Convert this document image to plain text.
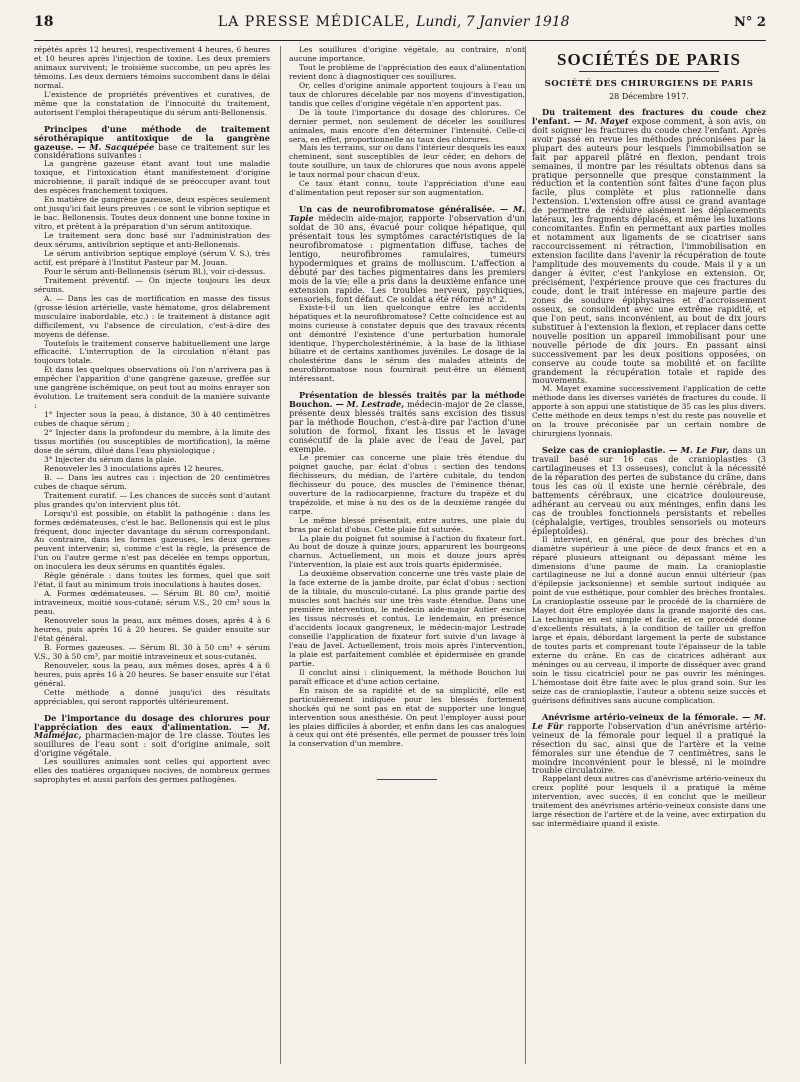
18	LA PRESSE MÉDICALE, Lundi, 7 Janvier 1918	N° 2

répétés après 12 heures), respectivement 4 heures, 6 heures et 10 heures après l'injection de toxine. Les deux premiers animaux survivent; le troisième succombe, un peu après les témoins. Les deux derniers témoins succombent dans le délai normal.

L'existence de propriétés préventives et curatives, de même que la constatation de l'innocuité du traitement, autorisent l'emploi thérapeutique du sérum anti-Bellonensis.

Principes d'une méthode de traitement sérothérapique antitoxique de la gangrène gazeuse. — M. Sacquépée base ce traitement sur les considérations suivantes :

La gangrène gazeuse étant avant tout une maladie toxique, et l'intoxication étant manifestement d'origine microbienne, il paraît indiqué de se préoccuper avant tout des espèces franchement toxiques.

En matière de gangrène gazeuse, deux espèces seulement ont jusqu'ici fait leurs preuves : ce sont le vibrion septique et le bac. Bellonensis. Toutes deux donnent une bonne toxine in vitro, et prêtent à la préparation d'un sérum antitoxique.

Le traitement sera donc basé sur l'administration des deux sérums, antivibrion septique et anti-Bellonensis.

Le sérum antivibrion septique employé (sérum V. S.), très actif, est préparé à l'Institut Pasteur par M. Jouan.

Pour le sérum anti-Bellonensis (sérum Bl.), voir ci-dessus.

Traitement préventif. — On injecte toujours les deux sérums.

A. — Dans les cas de mortification en masse des tissus (grosse lésion artérielle, vaste hématome, gros délabrement musculaire inabordable, etc.) : le traitement à distance agit difficilement, vu l'absence de circulation, c'est-à-dire des moyens de défense.

Toutefois le traitement conserve habituellement une large efficacité. L'interruption de la circulation n'étant pas toujours totale.

Et dans les quelques observations où l'on n'arrivera pas à empêcher l'apparition d'une gangrène gazeuse, greffée sur une gangrène ischémique, on peut tout au moins enrayer son évolution. Le traitement sera conduit de la manière suivante :

1° Injecter sous la peau, à distance, 30 à 40 centimètres cubes de chaque sérum ;

2° Injecter dans la profondeur du membre, à la limite des tissus mortifiés (ou susceptibles de mortification), la même dose de sérum, dilué dans l'eau physiologique ;

3° Injecter du sérum dans la plaie.

Renouveler les 3 inoculations après 12 heures.

B. — Dans les autres cas : injection de 20 centimètres cubes de chaque sérum.

Traitement curatif. — Les chances de succès sont d'autant plus grandes qu'on intervient plus tôt.

Lorsqu'il est possible, on établit la pathogénie : dans les formes œdémateuses, c'est le bac. Bellonensis qui est le plus fréquent, donc injecter davantage du sérum correspondant. Au contraire, dans les formes gazeuses, les deux germes peuvent intervenir; si, comme c'est la règle, la présence de l'un ou l'autre germe n'est pas décelée en temps opportun, on inoculera les deux sérums en quantités égales.

Règle générale : dans toutes les formes, quel que soit l'état, il faut au minimum trois inoculations à hautes doses.

A. Formes œdémateuses. — Sérum Bl. 80 cm³, moitié intraveineux, moitié sous-cutané; sérum V.S., 20 cm³ sous la peau.

Renouveler sous la peau, aux mêmes doses, après 4 à 6 heures, puis après 16 à 20 heures. Se guider ensuite sur l'état général.

B. Formes gazeuses. — Sérum Bl. 30 à 50 cm³ + sérum V.S., 30 à 50 cm³, par moitié intraveineux et sous-cutanés.

Renouveler, sous la peau, aux mêmes doses, après 4 à 6 heures, puis après 16 à 20 heures. Se baser ensuite sur l'état général.

Cette méthode a donné jusqu'ici des résultats appréciables, qui seront rapportés ultérieurement.

De l'importance du dosage des chlorures pour l'appréciation des eaux d'alimentation. — M. Malméjac, pharmacien-major de 1re classe. Toutes les souillures de l'eau sont : soit d'origine animale, soit d'origine végétale.

Les souillures animales sont celles qui apportent avec elles des matières organiques nocives, de nombreux germes saprophytes et aussi parfois des germes pathogènes.

Les souillures d'origine végétale, au contraire, n'ont aucune importance.

Tout le problème de l'appréciation des eaux d'alimentation revient donc à diagnostiquer ces souillures.

Or, celles d'origine animale apportent toujours à l'eau un taux de chlorures décelable par nos moyens d'investigation, tandis que celles d'origine végétale n'en apportent pas.

De là toute l'importance du dosage des chlorures. Ce dernier permet, non seulement de déceler les souillures animales, mais encore d'en déterminer l'intensité. Celle-ci sera, en effet, proportionnelle au taux des chlorures.

Mais les terrains, sur ou dans l'intérieur desquels les eaux cheminent, sont susceptibles de leur céder, en dehors de toute souillure, un taux de chlorures que nous avons appelé le taux normal pour chacun d'eux.

Ce taux étant connu, toute l'appréciation d'une eau d'alimentation peut reposer sur son augmentation.

Un cas de neurofibromatose généralisée. — M. Tapie médecin aide-major, rapporte l'observation d'un soldat de 30 ans, évacué pour colique hépatique, qui présentait tous les symptômes caractéristiques de la neurofibromatose : pigmentation diffuse, taches de lentigo, neurofibromes ramulaires, tumeurs hypodermiques et grains de molluscum. L'affection a débuté par des taches pigmentaires dans les premiers mois de la vie; elle a pris dans la deuxième enfance une extension rapide. Les troubles nerveux, psychiques, sensoriels, font défaut. Ce soldat a été réformé n° 2.

Existe-t-il un lien quelconque entre les accidents hépatiques et la neurofibromatose? Cette coïncidence est au moins curieuse à constater depuis que des travaux récents ont démontré l'existence d'une perturbation humorale identique, l'hypercholestérinémie, à la base de la lithiase biliaire et de certains xanthomes juvéniles. Le dosage de la cholestérine dans le sérum des malades atteints de neurofibromatose nous fournirait peut-être un élément intéressant.

Présentation de blessés traités par la méthode Bouchon. — M. Lestrade, médecin-major de 2e classe, présente deux blessés traités sans excision des tissus par la méthode Bouchon, c'est-à-dire par l'action d'une solution de formol, fixant les tissus et le lavage consécutif de la plaie avec de l'eau de Javel, par exemple.

Le premier cas concerne une plaie très étendue du poignet gauche, par éclat d'obus : section des tendons fléchisseurs, du médian, de l'artère cubitale, du tendon fléchisseur du pouce, des muscles de l'éminence thénar, ouverture de la radiocarpienne, fracture du trapèze et du trapézoïde, et mise à nu des os de la deuxième rangée du carpe.

Le même blessé présentait, entre autres, une plaie du bras par éclat d'obus. Cette plaie fut suturée.

La plaie du poignet fut soumise à l'action du fixateur fort. Au bout de douze à quinze jours, apparurent les bourgeons charnus. Actuellement, un mois et douze jours après l'intervention, la plaie est aux trois quarts épidermisée.

La deuxième observation concerne une très vaste plaie de la face externe de la jambe droite, par éclat d'obus : section de la tibiale, du musculo-cutané. La plus grande partie des muscles sont hachés sur une très vaste étendue. Dans une première intervention, le médecin aide-major Autier excise les tissus nécrosés et contus. Le lendemain, en présence d'accidents locaux gangreneux, le médecin-major Lestrade conseille l'application de fixateur fort suivie d'un lavage à l'eau de Javel. Actuellement, trois mois après l'intervention, la plaie est parfaitement comblée et épidermisée en grande partie.

Il conclut ainsi : cliniquement, la méthode Bouchon lui paraît efficace et d'une action certaine.

En raison de sa rapidité et de sa simplicité, elle est particulièrement indiquée pour les blessés fortement shockés qui ne sont pas en état de supporter une longue intervention sous anesthésie. On peut l'employer aussi pour les plaies difficiles à aborder, et enfin dans les cas analogues à ceux qui ont été présentés, elle permet de pousser très loin la conservation d'un membre.

SOCIÉTÉS DE PARIS
SOCIÉTÉ DES CHIRURGIENS DE PARIS
28 Décembre 1917.
Du traitement des fractures du coude chez l'enfant. — M. Mayet expose comment, à son avis, on doit soigner les fractures du coude chez l'enfant. Après avoir passé en revue les méthodes préconisées par la plupart des auteurs pour lesquels l'immobilisation se fait par appareil plâtré en flexion, pendant trois semaines, il montre par les résultats obtenus dans sa pratique personnelle que presque constamment la réduction et la contention sont faites d'une façon plus facile, plus complète et plus rationnelle dans l'extension. L'extension offre aussi ce grand avantage de permettre de réduire aisément les déplacements latéraux, les fragments déplacés, et même les luxations concomitantes. Enfin en permettant aux parties molles et notamment aux ligaments de se cicatriser sans raccourcissement ni rétraction, l'immobilisation en extension facilite dans l'avenir la récupération de toute l'amplitude des mouvements du coude. Mais il y a un danger à éviter, c'est l'ankylose en extension. Or, précisément, l'expérience prouve que ces fractures du coude, dont le trait intéresse en majeure partie des zones de soudure épiphysaires et d'accroissement osseux, se consolident avec une extrême rapidité, et que l'on peut, sans inconvénient, au bout de dix jours substituer à l'extension la flexion, et replacer dans cette nouvelle position un appareil immobilisant pour une nouvelle période de dix jours. En passant ainsi successivement par les deux positions opposées, on conserve au coude toute sa mobilité et on facilite grandement la récupération totale et rapide des mouvements.

M. Mayet examine successivement l'application de cette méthode dans les diverses variétés de fractures du coude. Il apporte à son appui une statistique de 35 cas les plus divers. Cette méthode en deux temps n'est du reste pas nouvelle et on la trouve préconisée par un certain nombre de chirurgiens lyonnais.

Seize cas de cranioplastie. — M. Le Fur, dans un travail basé sur 16 cas de cranioplasties (3 cartilagineuses et 13 osseuses), conclut à la nécessité de la réparation des pertes de substance du crâne, dans tous les cas où il existe une hernie cérébrale, des battements cérébraux, une cicatrice douloureuse, adhérant au cerveau ou aux méninges, enfin dans les cas de troubles fonctionnels persistants et rebelles (céphalalgie, vertiges, troubles sensoriels ou moteurs épileptoïdes).

Il intervient, en général, que pour des brèches d'un diamètre supérieur à une pièce de deux francs et en a réparé plusieurs atteignant ou dépassant même les dimensions d'une paume de main. La cranioplastie cartilagineuse ne lui a donné aucun ennui ultérieur (pas d'épilepsie jacksonienne) et semble surtout indiquée au point de vue esthétique, pour combler des brèches frontales. La cranioplastie osseuse par le procédé de la charnière de Mayet doit être employée dans la grande majorité des cas. La technique en est simple et facile, et ce procédé donne d'excellents résultats, à la condition de tailler un greffon large et épais, débordant largement la perte de substance de toutes parts et comprenant toute l'épaisseur de la table externe du crâne. En cas de cicatrices adhérant aux méninges ou au cerveau, il importe de disséquer avec grand soin le tissu cicatriciel pour ne pas ouvrir les méninges. L'hémostase doit être faite avec le plus grand soin. Sur les seize cas de cranioplastie, l'auteur a obtenu seize succès et guérisons définitives sans aucune complication.

Anévrisme artério-veineux de la fémorale. — M. Le Für rapporte l'observation d'un anévrisme artério-veineux de la fémorale pour lequel il a pratiqué la résection du sac, ainsi que de l'artère et la veine fémorales sur une étendue de 7 centimètres, sans le moindre inconvénient pour le blessé, ni le moindre trouble circulatoire.

Rappelant deux autres cas d'anévrisme artério-veineux du creux poplité pour lesquels il a pratiqué la même intervention, avec succès, il en conclut que le meilleur traitement des anévrismes artério-veineux consiste dans une large résection de l'artère et de la veine, avec extirpation du sac intermédiaire quand il existe.
